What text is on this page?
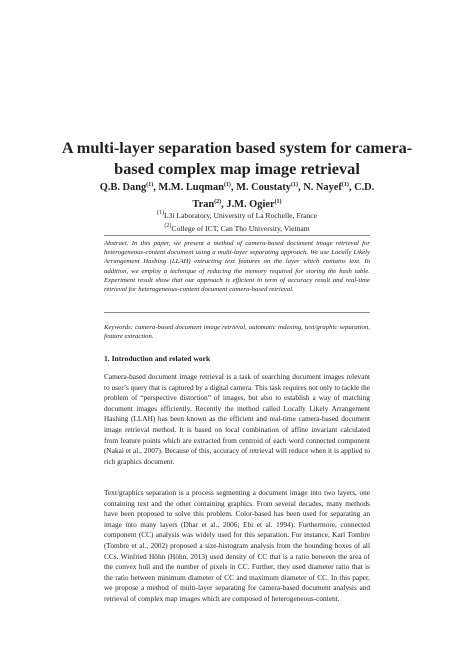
A multi-layer separation based system for camera-based complex map image retrieval
Q.B. Dang$^{(1)}$, M.M. Luqman$^{(1)}$, M. Coustaty$^{(1)}$, N. Nayef$^{(1)}$, C.D. Tran$^{(2)}$, J.M. Ogier$^{(1)}$
$^{(1)}$L3i Laboratory, University of La Rochelle, France
$^{(2)}$College of ICT, Can Tho University, Vietnam
Abstract. In this paper, we present a method of camera-based document image retrieval for heterogeneous-content document using a multi-layer separating approach. We use Locally Likely Arrangement Hashing (LLAH) extracting text features on the layer which contains text. In addition, we employ a technique of reducing the memory required for storing the hash table. Experiment result show that our approach is efficient in term of accuracy result and real-time retrieval for heterogeneous-content document camera-based retrieval.
Keywords: camera-based document image retrieval, automatic indexing, text/graphic separation, feature extraction.
1. Introduction and related work

Camera-based document image retrieval is a task of searching document images relevant to user’s query that is captured by a digital camera. This task requires not only to tackle the problem of “perspective distortion” of images, but also to establish a way of matching document images efficiently. Recently the method called Locally Likely Arrangement Hashing (LLAH) has been known as the efficient and real-time camera-based document image retrieval method. It is based on local combination of affine invariant calculated from feature points which are extracted from centroid of each word connected component (Nakai et al., 2007). Because of this, accuracy of retrieval will reduce when it is applied to rich graphics document.

Text/graphics separation is a process segmenting a document image into two layers, one containing text and the other containing graphics. From several decades, many methods have been proposed to solve this problem. Color-based has been used for separating an image into many layers (Dhar et al., 2006; Ebi et al. 1994). Furthermore, connected component (CC) analysis was widely used for this separation. For instance, Karl Tombre (Tombre et al., 2002) proposed a size-histogram analysis from the bounding boxes of all CCs. Winfried Höhn (Höhn, 2013) used density of CC that is a ratio between the area of the convex hull and the number of pixels in CC. Further, they used diameter ratio that is the ratio between minimum diameter of CC and maximum diameter of CC. In this paper, we propose a method of multi-layer separating for camera-based document analysis and retrieval of complex map images which are composed of heterogeneous-content.
